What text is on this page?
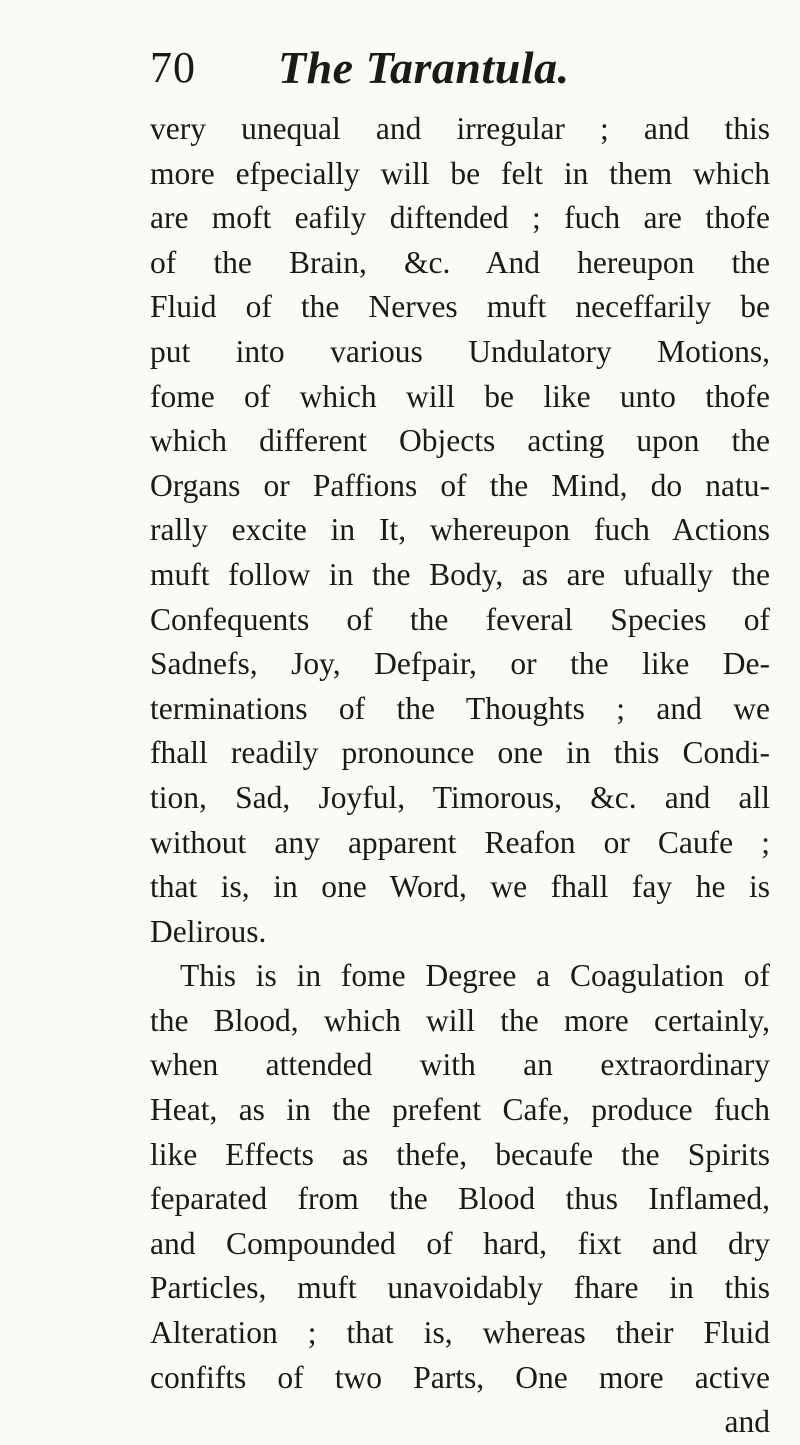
70 The Tarantula.
very unequal and irregular ; and this
more efpecially will be felt in them which
are moft eafily diftended ; fuch are thofe
of the Brain, &c. And hereupon the
Fluid of the Nerves muft neceffarily be
put into various Undulatory Motions,
fome of which will be like unto thofe
which different Objects acting upon the
Organs or Paffions of the Mind, do natu-
rally excite in It, whereupon fuch Actions
muft follow in the Body, as are ufually the
Confequents of the feveral Species of
Sadnefs, Joy, Defpair, or the like De-
terminations of the Thoughts ; and we
fhall readily pronounce one in this Condi-
tion, Sad, Joyful, Timorous, &c. and all
without any apparent Reafon or Caufe ;
that is, in one Word, we fhall fay he is
Delirous.
This is in fome Degree a Coagulation of
the Blood, which will the more certainly,
when attended with an extraordinary
Heat, as in the prefent Cafe, produce fuch
like Effects as thefe, becaufe the Spirits
feparated from the Blood thus Inflamed,
and Compounded of hard, fixt and dry
Particles, muft unavoidably fhare in this
Alteration ; that is, whereas their Fluid
confifts of two Parts, One more active
and
